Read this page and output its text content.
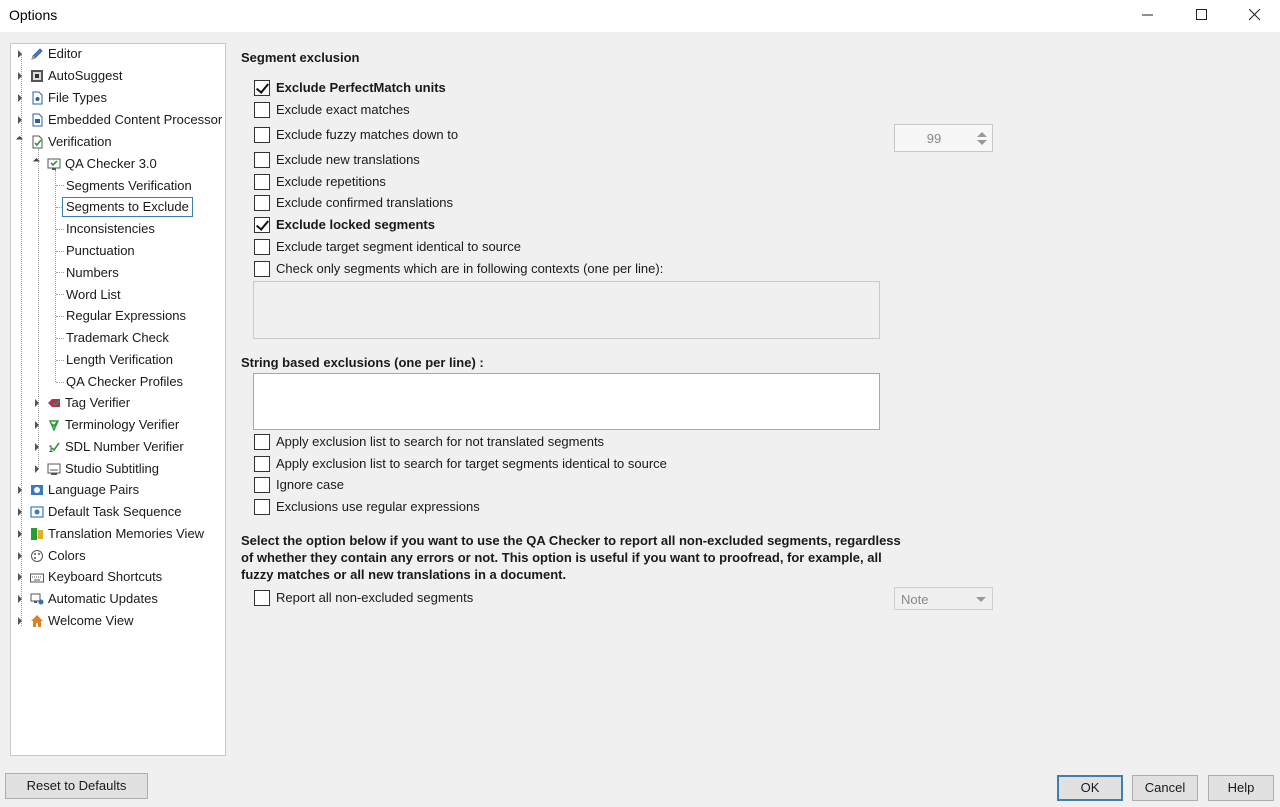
Options
Editor
AutoSuggest
File Types
Embedded Content Processor
Verification
QA Checker 3.0
Segments Verification
Segments to Exclude
Inconsistencies
Punctuation
Numbers
Word List
Regular Expressions
Trademark Check
Length Verification
QA Checker Profiles
Tag Verifier
Terminology Verifier
1 SDL Number Verifier
Studio Subtitling
Language Pairs
Default Task Sequence
Translation Memories View
Colors
Keyboard Shortcuts
Automatic Updates
Welcome View
Segment exclusion
Exclude PerfectMatch units
Exclude exact matches
Exclude fuzzy matches down to	99
Exclude new translations
Exclude repetitions
Exclude confirmed translations
Exclude locked segments
Exclude target segment identical to source
Check only segments which are in following contexts (one per line):
String based exclusions (one per line) :
Apply exclusion list to search for not translated segments
Apply exclusion list to search for target segments identical to source
Ignore case
Exclusions use regular expressions
Select the option below if you want to use the QA Checker to report all non-excluded segments, regardless of whether they contain any errors or not. This option is useful if you want to proofread, for example, all fuzzy matches or all new translations in a document.
Report all non-excluded segments	Note
Reset to Defaults	OK	Cancel	Help
